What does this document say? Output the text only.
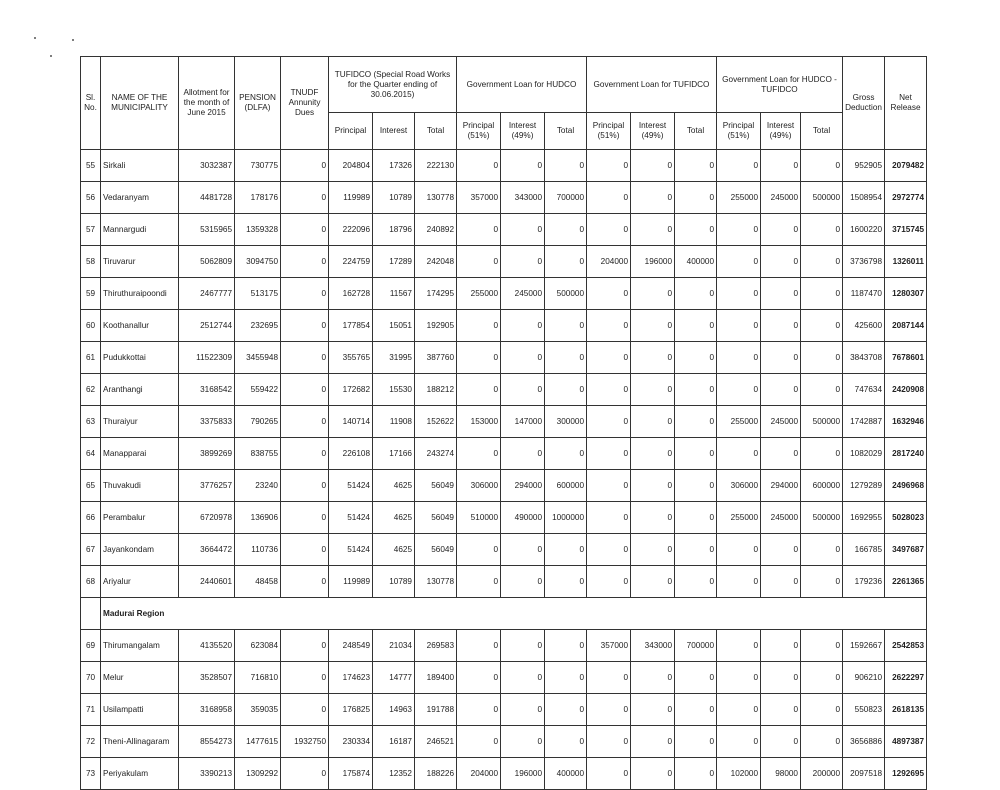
Sl. No.	NAME OF THE MUNICIPALITY	Allotment for the month of June 2015	PENSION (DLFA)	TNUDF Annunity Dues	TUFIDCO (Special Road Works for the Quarter ending of 30.06.2015)			Government Loan for HUDCO			Government Loan for TUFIDCO			Government Loan for HUDCO - TUFIDCO			Gross Deduction	Net Release
					Principal	Interest	Total	Principal (51%)	Interest (49%)	Total	Principal (51%)	Interest (49%)	Total	Principal (51%)	Interest (49%)	Total		
55	Sirkali	3032387	730775	0	204804	17326	222130	0	0	0	0	0	0	0	0	0	952905	2079482
56	Vedaranyam	4481728	178176	0	119989	10789	130778	357000	343000	700000	0	0	0	255000	245000	500000	1508954	2972774
57	Mannargudi	5315965	1359328	0	222096	18796	240892	0	0	0	0	0	0	0	0	0	1600220	3715745
58	Tiruvarur	5062809	3094750	0	224759	17289	242048	0	0	0	204000	196000	400000	0	0	0	3736798	1326011
59	Thiruthuraipoondi	2467777	513175	0	162728	11567	174295	255000	245000	500000	0	0	0	0	0	0	1187470	1280307
60	Koothanallur	2512744	232695	0	177854	15051	192905	0	0	0	0	0	0	0	0	0	425600	2087144
61	Pudukkottai	11522309	3455948	0	355765	31995	387760	0	0	0	0	0	0	0	0	0	3843708	7678601
62	Aranthangi	3168542	559422	0	172682	15530	188212	0	0	0	0	0	0	0	0	0	747634	2420908
63	Thuraiyur	3375833	790265	0	140714	11908	152622	153000	147000	300000	0	0	0	255000	245000	500000	1742887	1632946
64	Manapparai	3899269	838755	0	226108	17166	243274	0	0	0	0	0	0	0	0	0	1082029	2817240
65	Thuvakudi	3776257	23240	0	51424	4625	56049	306000	294000	600000	0	0	0	306000	294000	600000	1279289	2496968
66	Perambalur	6720978	136906	0	51424	4625	56049	510000	490000	1000000	0	0	0	255000	245000	500000	1692955	5028023
67	Jayankondam	3664472	110736	0	51424	4625	56049	0	0	0	0	0	0	0	0	0	166785	3497687
68	Ariyalur	2440601	48458	0	119989	10789	130778	0	0	0	0	0	0	0	0	0	179236	2261365
	Madurai Region																	
69	Thirumangalam	4135520	623084	0	248549	21034	269583	0	0	0	357000	343000	700000	0	0	0	1592667	2542853
70	Melur	3528507	716810	0	174623	14777	189400	0	0	0	0	0	0	0	0	0	906210	2622297
71	Usilampatti	3168958	359035	0	176825	14963	191788	0	0	0	0	0	0	0	0	0	550823	2618135
72	Theni-Allinagaram	8554273	1477615	1932750	230334	16187	246521	0	0	0	0	0	0	0	0	0	3656886	4897387
73	Periyakulam	3390213	1309292	0	175874	12352	188226	204000	196000	400000	0	0	0	102000	98000	200000	2097518	1292695
